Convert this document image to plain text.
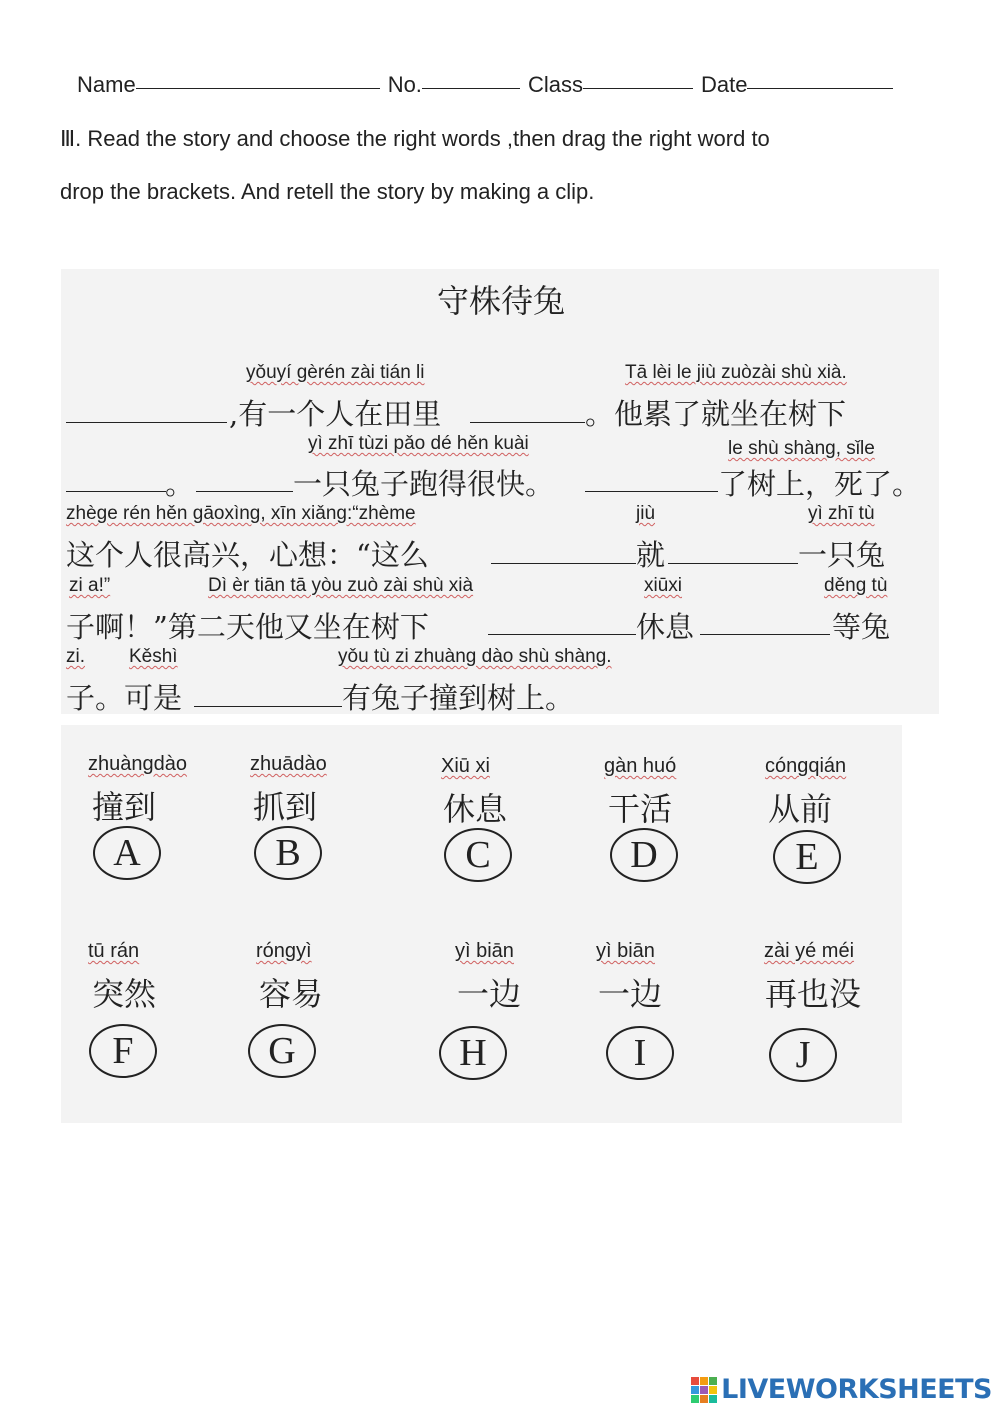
Name	No.	Class	Date
Ⅲ. Read the story and choose the right words ,then drag the right word to
drop the brackets. And retell the story by making a clip.
守株待兔
yǒuyí gèrén zài tián li	Tā lèi le jiù zuòzài shù xià.
,有一个人在田里	。他累了就坐在树下
yì zhī tùzi pǎo dé hěn kuài	le shù shàng, sǐle
。	一只兔子跑得很快。	了树上，死了。
zhège rén hěn gāoxìng, xīn xiǎng:“zhème	jiù	yì zhī tù
这个人很高兴，心想：“这么	就	一只兔
zi a!”	Dì èr tiān tā yòu zuò zài shù xià	xiūxi	děng tù
子啊！”第二天他又坐在树下	休息	等兔
zi. Kěshì	yǒu tù zi zhuàng dào shù shàng.
子。可是	有兔子撞到树上。
zhuàngdào
撞到
A
zhuādào
抓到
B
Xiū xi
休息
C
gàn huó
干活
D
cóngqián
从前
E
tū rán
突然
F
róngyì
容易
G
yì biān
一边
H
yì biān
一边
I
zài yé méi
再也没
J
LIVEWORKSHEETS
